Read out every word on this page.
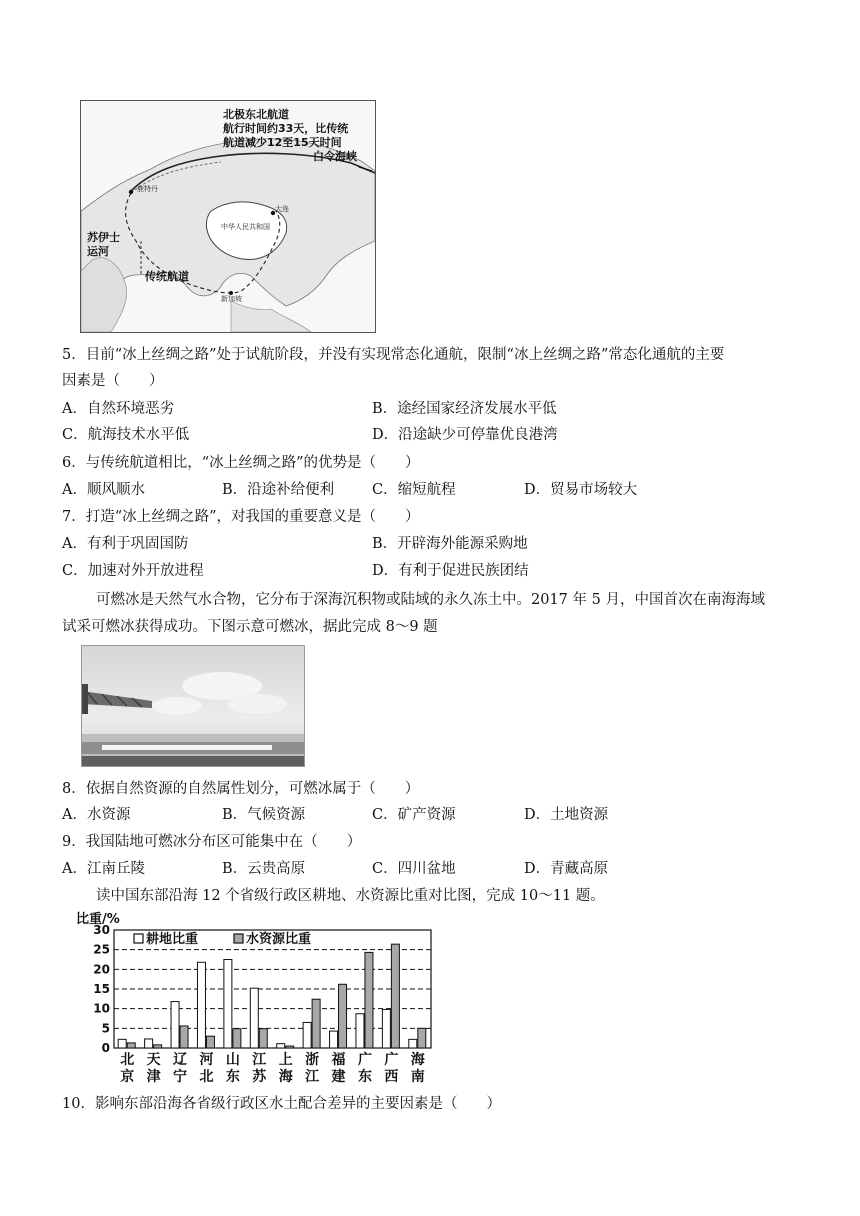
北极东北航道
航行时间约33天，比传统
航道减少12至15天时间
白令海峡
苏伊士
运河
传统航道
鹿特丹
大连
中华人民共和国
新加坡
5．目前“冰上丝绸之路”处于试航阶段，并没有实现常态化通航，限制“冰上丝绸之路”常态化通航的主要
因素是（　　）
A．自然环境恶劣	B．途经国家经济发展水平低
C．航海技术水平低	D．沿途缺少可停靠优良港湾
6．与传统航道相比，“冰上丝绸之路”的优势是（　　）
A．顺风顺水	B．沿途补给便利	C．缩短航程	D．贸易市场较大
7．打造“冰上丝绸之路”，对我国的重要意义是（　　）
A．有利于巩固国防	B．开辟海外能源采购地
C．加速对外开放进程	D．有利于促进民族团结
可燃冰是天然气水合物，它分布于深海沉积物或陆域的永久冻土中。2017 年 5 月，中国首次在南海海域
试采可燃冰获得成功。下图示意可燃冰，据此完成 8～9 题
8．依据自然资源的自然属性划分，可燃冰属于（　　）
A．水资源	B．气候资源	C．矿产资源	D．土地资源
9．我国陆地可燃冰分布区可能集中在（　　）
A．江南丘陵	B．云贵高原	C．四川盆地	D．青藏高原
读中国东部沿海 12 个省级行政区耕地、水资源比重对比图，完成 10～11 题。
比重/%
0
5
10
15
20
25
30
北
京
天
津
辽
宁
河
北
山
东
江
苏
上
海
浙
江
福
建
广
东
广
西
海
南
耕地比重	水资源比重
10．影响东部沿海各省级行政区水土配合差异的主要因素是（　　）
